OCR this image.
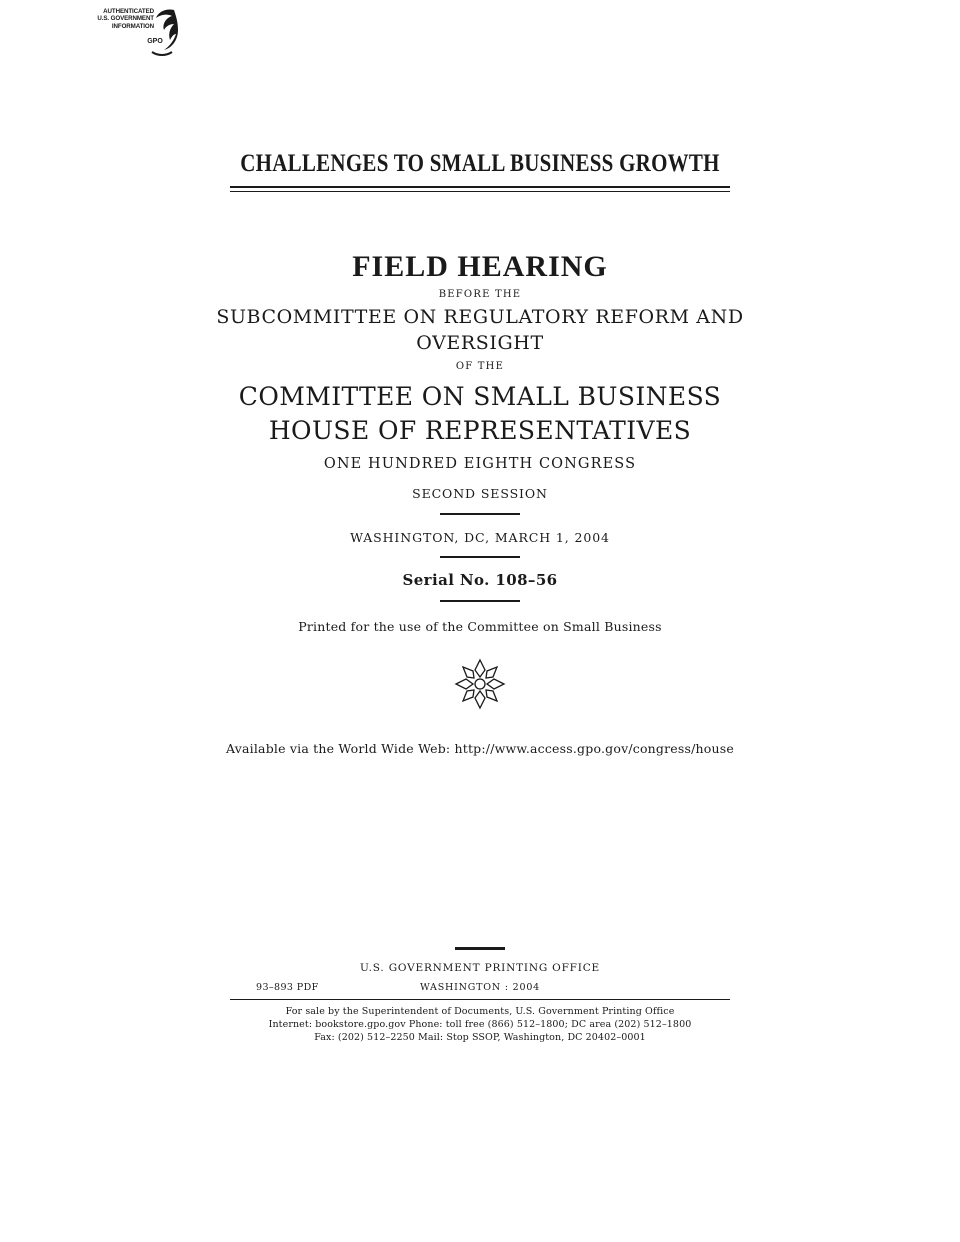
AUTHENTICATED
U.S. GOVERNMENT
INFORMATION
GPO
CHALLENGES TO SMALL BUSINESS GROWTH
FIELD HEARING
BEFORE THE
SUBCOMMITTEE ON REGULATORY REFORM AND
OVERSIGHT
OF THE
COMMITTEE ON SMALL BUSINESS
HOUSE OF REPRESENTATIVES
ONE HUNDRED EIGHTH CONGRESS
SECOND SESSION
WASHINGTON, DC, MARCH 1, 2004
Serial No. 108–56
Printed for the use of the Committee on Small Business
Available via the World Wide Web: http://www.access.gpo.gov/congress/house
U.S. GOVERNMENT PRINTING OFFICE
93–893 PDF	WASHINGTON : 2004
For sale by the Superintendent of Documents, U.S. Government Printing Office
Internet: bookstore.gpo.gov Phone: toll free (866) 512–1800; DC area (202) 512–1800
Fax: (202) 512–2250 Mail: Stop SSOP, Washington, DC 20402–0001
